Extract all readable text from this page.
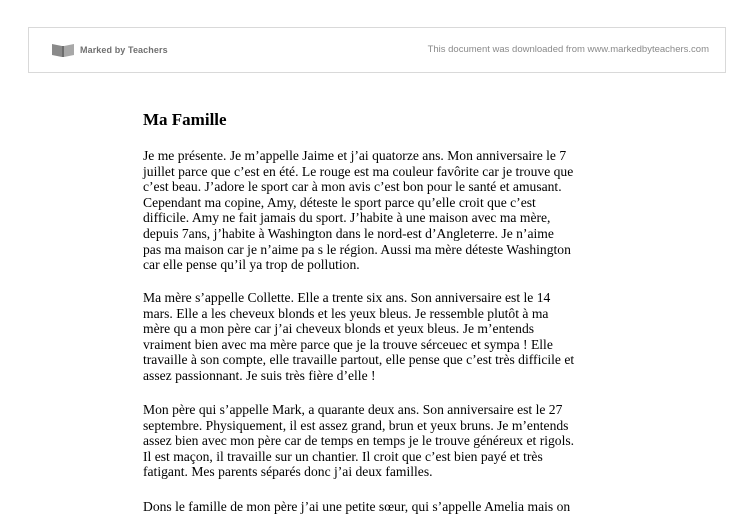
Marked by Teachers	This document was downloaded from www.markedbyteachers.com
Ma Famille

Je me présente. Je m’appelle Jaime et j’ai quatorze ans. Mon anniversaire le 7
juillet parce que c’est en été. Le rouge est ma couleur favôrite car je trouve que
c’est beau. J’adore le sport car à mon avis c’est bon pour le santé et amusant.
Cependant ma copine, Amy, déteste le sport parce qu’elle croit que c’est
difficile. Amy ne fait jamais du sport. J’habite à une maison avec ma mère,
depuis 7ans, j’habite à Washington dans le nord-est d’Angleterre. Je n’aime
pas ma maison car je n’aime pa s le région. Aussi ma mère déteste Washington
car elle pense qu’il ya trop de pollution.

Ma mère s’appelle Collette. Elle a trente six ans. Son anniversaire est le 14
mars. Elle a les cheveux blonds et les yeux bleus. Je ressemble plutôt à ma
mère qu a mon père car j’ai cheveux blonds et yeux bleus. Je m’entends
vraiment bien avec ma mère parce que je la trouve sérceuec et sympa ! Elle
travaille à son compte, elle travaille partout, elle pense que c’est très difficile et
assez passionnant. Je suis très fière d’elle !

Mon père qui s’appelle Mark, a quarante deux ans. Son anniversaire est le 27
septembre. Physiquement, il est assez grand, brun et yeux bruns. Je m’entends
assez bien avec mon père car de temps en temps je le trouve généreux et rigols.
Il est maçon, il travaille sur un chantier. Il croit que c’est bien payé et très
fatigant. Mes parents séparés donc j’ai deux familles.

Dons le famille de mon père j’ai une petite sœur, qui s’appelle Amelia mais on
